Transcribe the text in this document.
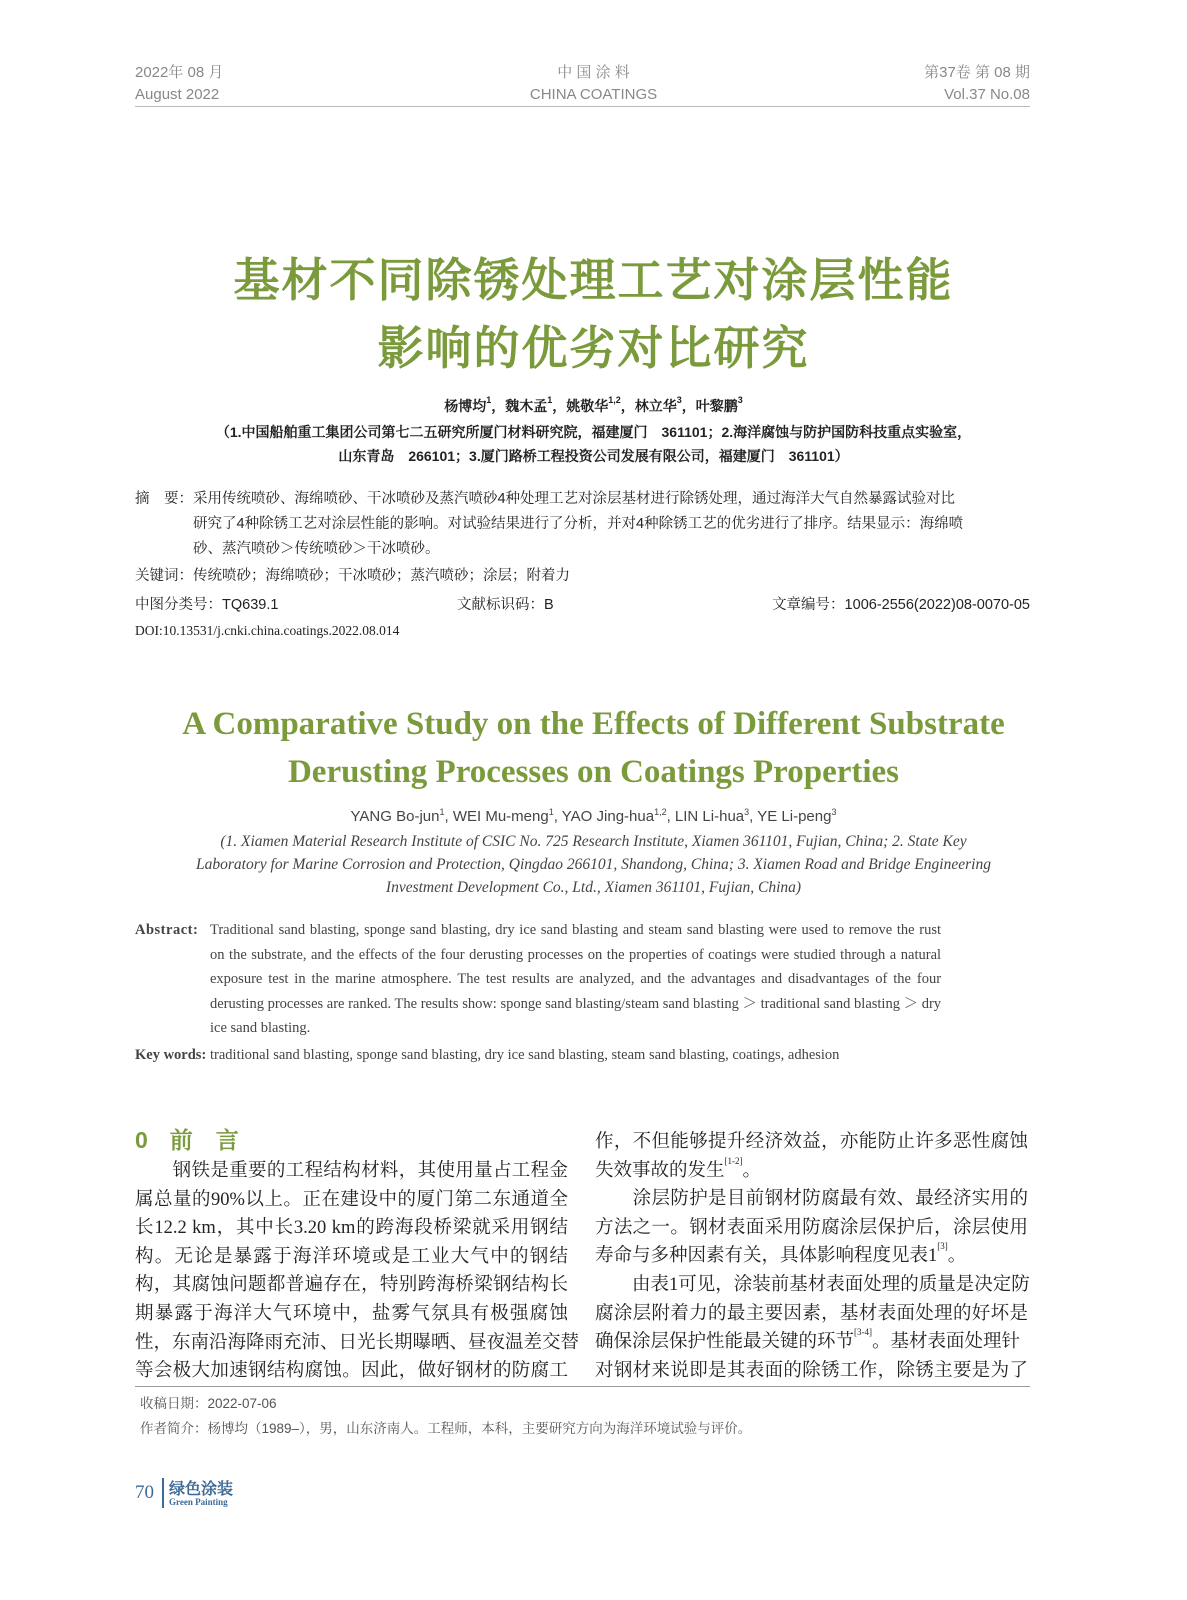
2022年 08 月
August 2022
中 国 涂 料
CHINA COATINGS
第37卷 第 08 期
Vol.37 No.08
基材不同除锈处理工艺对涂层性能
影响的优劣对比研究
杨博均$^1$，魏木孟$^1$，姚敬华$^{1,2}$，林立华$^3$，叶黎鹏$^3$
（1.中国船舶重工集团公司第七二五研究所厦门材料研究院，福建厦门　361101；2.海洋腐蚀与防护国防科技重点实验室，
山东青岛　266101；3.厦门路桥工程投资公司发展有限公司，福建厦门　361101）
摘　要： 采用传统喷砂、海绵喷砂、干冰喷砂及蒸汽喷砂4种处理工艺对涂层基材进行除锈处理，通过海洋大气自然暴露试验对比
研究了4种除锈工艺对涂层性能的影响。对试验结果进行了分析，并对4种除锈工艺的优劣进行了排序。结果显示：海绵喷
砂、蒸汽喷砂＞传统喷砂＞干冰喷砂。
关键词：传统喷砂；海绵喷砂；干冰喷砂；蒸汽喷砂；涂层；附着力
中图分类号：TQ639.1	文献标识码：B	文章编号：1006-2556(2022)08-0070-05
DOI:10.13531/j.cnki.china.coatings.2022.08.014
A Comparative Study on the Effects of Different Substrate
Derusting Processes on Coatings Properties
YANG Bo-jun$^1$, WEI Mu-meng$^1$, YAO Jing-hua$^{1,2}$, LIN Li-hua$^3$, YE Li-peng$^3$
(1. Xiamen Material Research Institute of CSIC No. 725 Research Institute, Xiamen 361101, Fujian, China; 2. State Key
Laboratory for Marine Corrosion and Protection, Qingdao 266101, Shandong, China; 3. Xiamen Road and Bridge Engineering
Investment Development Co., Ltd., Xiamen 361101, Fujian, China)
Abstract: Traditional sand blasting, sponge sand blasting, dry ice sand blasting and steam sand blasting were used to remove the rust
on the substrate, and the effects of the four derusting processes on the properties of coatings were studied through a natural
exposure test in the marine atmosphere. The test results are analyzed, and the advantages and disadvantages of the four
derusting processes are ranked. The results show: sponge sand blasting/steam sand blasting ＞ traditional sand blasting ＞ dry
ice sand blasting.
Key words: traditional sand blasting, sponge sand blasting, dry ice sand blasting, steam sand blasting, coatings, adhesion
0 前　言
　　钢铁是重要的工程结构材料，其使用量占工程金
属总量的90%以上。正在建设中的厦门第二东通道全
长12.2 km，其中长3.20 km的跨海段桥梁就采用钢结
构。无论是暴露于海洋环境或是工业大气中的钢结
构，其腐蚀问题都普遍存在，特别跨海桥梁钢结构长
期暴露于海洋大气环境中，盐雾气氛具有极强腐蚀
性，东南沿海降雨充沛、日光长期曝晒、昼夜温差交替
等会极大加速钢结构腐蚀。因此，做好钢材的防腐工
作，不但能够提升经济效益，亦能防止许多恶性腐蚀
失效事故的发生[1-2]。
　　涂层防护是目前钢材防腐最有效、最经济实用的
方法之一。钢材表面采用防腐涂层保护后，涂层使用
寿命与多种因素有关，具体影响程度见表1[3]。
　　由表1可见，涂装前基材表面处理的质量是决定防
腐涂层附着力的最主要因素，基材表面处理的好坏是
确保涂层保护性能最关键的环节[3-4]。基材表面处理针
对钢材来说即是其表面的除锈工作，除锈主要是为了
收稿日期：2022-07-06
作者简介：杨博均（1989–），男，山东济南人。工程师，本科，主要研究方向为海洋环境试验与评价。
70 绿色涂装
Green Painting
